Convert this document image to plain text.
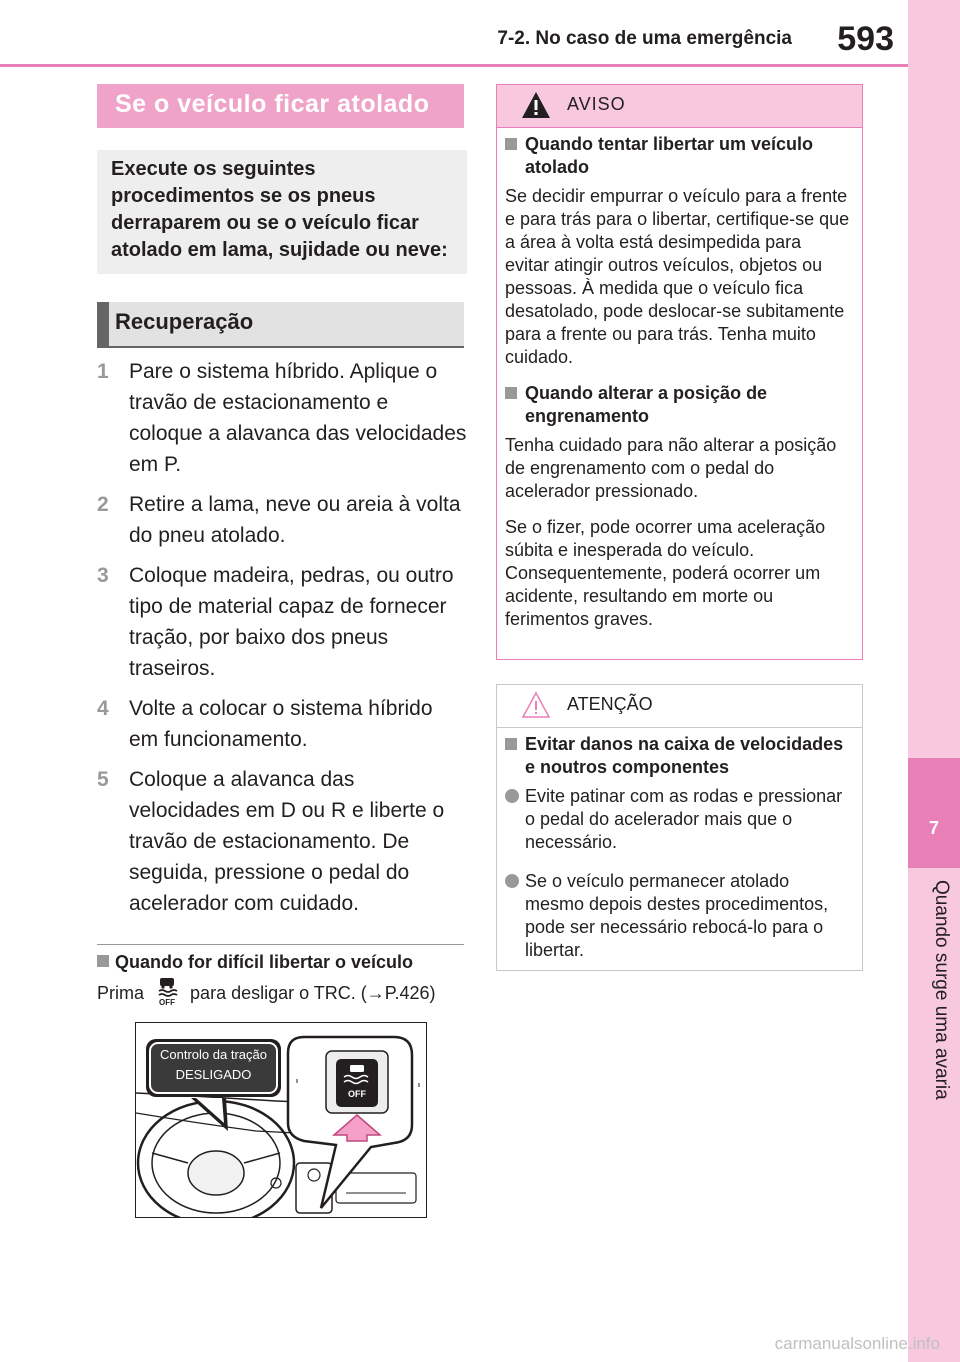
7-2. No caso de uma emergência 593
7
Quando surge uma avaria
Se o veículo ficar atolado
Execute os seguintes procedimentos se os pneus derraparem ou se o veículo ficar atolado em lama, sujidade ou neve:
Recuperação
1 Pare o sistema híbrido. Aplique o travão de estacionamento e coloque a alavanca das velocidades em P.
2 Retire a lama, neve ou areia à volta do pneu atolado.
3 Coloque madeira, pedras, ou outro tipo de material capaz de fornecer tração, por baixo dos pneus traseiros.
4 Volte a colocar o sistema híbrido em funcionamento.
5 Coloque a alavanca das velocidades em D ou R e liberte o travão de estacionamento. De seguida, pressione o pedal do acelerador com cuidado.
Quando for difícil libertar o veículo
Prima OFF para desligar o TRC. (→P.426)
Controlo da tração
DESLIGADO
OFF
AVISO
Quando tentar libertar um veículo atolado
Se decidir empurrar o veículo para a frente e para trás para o libertar, certifique-se que a área à volta está desimpedida para evitar atingir outros veículos, objetos ou pessoas. À medida que o veículo fica desatolado, pode deslocar-se subitamente para a frente ou para trás. Tenha muito cuidado.
Quando alterar a posição de engrenamento
Tenha cuidado para não alterar a posição de engrenamento com o pedal do acelerador pressionado.
Se o fizer, pode ocorrer uma aceleração súbita e inesperada do veículo. Consequentemente, poderá ocorrer um acidente, resultando em morte ou ferimentos graves.
ATENÇÃO
Evitar danos na caixa de velocidades e noutros componentes
Evite patinar com as rodas e pressionar o pedal do acelerador mais que o necessário.
Se o veículo permanecer atolado mesmo depois destes procedimentos, pode ser necessário rebocá-lo para o libertar.
carmanualsonline.info
